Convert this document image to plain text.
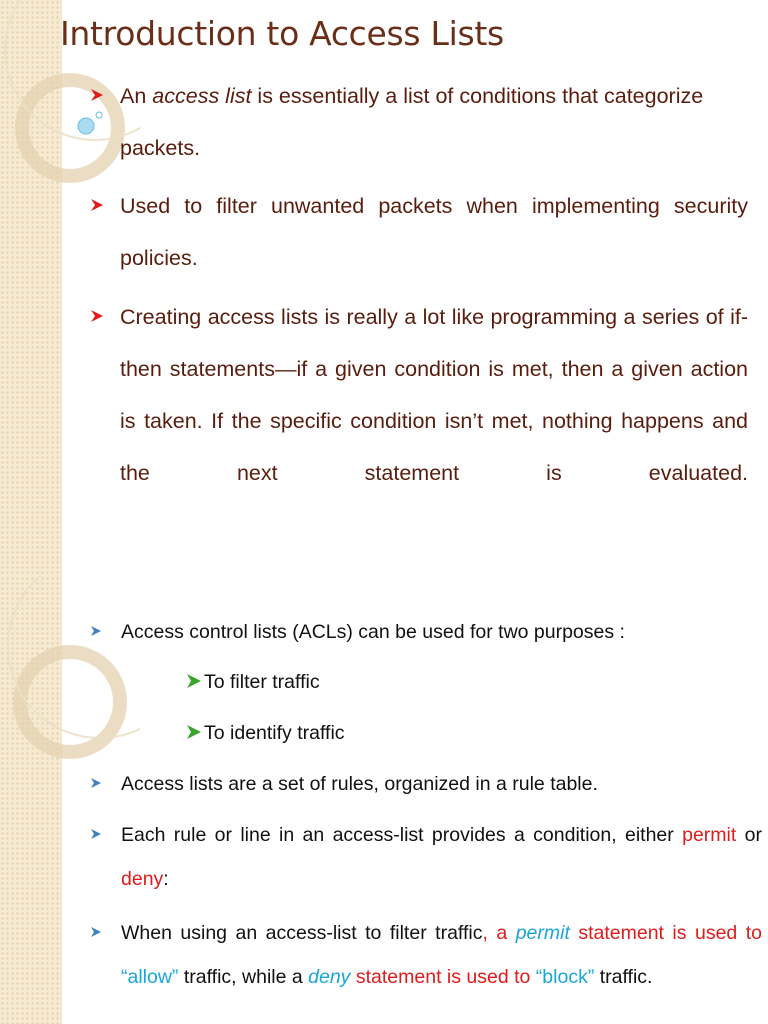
Introduction to Access Lists
An access list is essentially a list of conditions that categorize packets.
Used to filter unwanted packets when implementing security policies.
Creating access lists is really a lot like programming a series of if-then statements—if a given condition is met, then a given action is taken. If the specific condition isn’t met, nothing happens and the next statement is evaluated.
Access control lists (ACLs) can be used for two purposes :
To filter traffic
To identify traffic
Access lists are a set of rules, organized in a rule table.
Each rule or line in an access-list provides a condition, either permit or deny:
When using an access-list to filter traffic, a permit statement is used to “allow” traffic, while a deny statement is used to “block” traffic.
